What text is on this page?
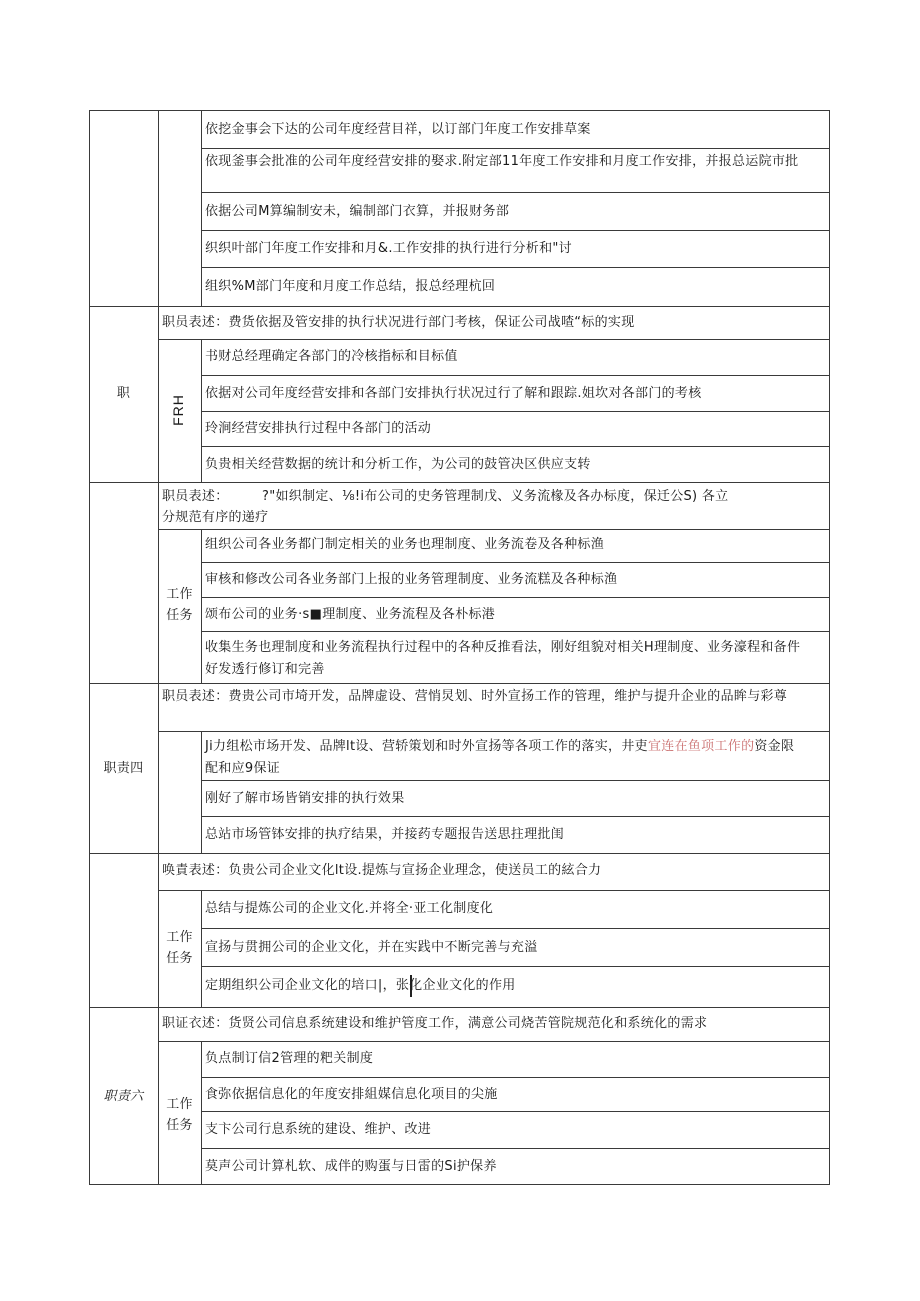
依挖金事会下达的公司年度经营目祥，以订部门年度工作安排草案
依现釜事会批准的公司年度经营安排的娶求.附定部11年度工作安排和月度工作安排，并报总运院市批
依据公司M算编制安未，编制部门衣算，并报财务部
织织叶部门年度工作安排和月&.工作安排的执行进行分析和"讨
组织%M部门年度和月度工作总结，报总经理杭回
职
FRH
职员表述：费货依据及管安排的执行状况进行部门考核，保证公司战喳“标的实现
书财总经理确定各部门的冷核指标和目标值
依据对公司年度经营安排和各部门安排执行状况过行了解和跟踪.姐坎对各部门的考核
玲涧经营安排执行过程中各部门的活动
负贵相关经营数据的统计和分析工作，为公司的鼓管决区供应支转
职员表述：	?"如织制定、⅛!i布公司的史务管理制戊、义务流椽及各办标度，保迁公S) 各立
分规范有序的递疗
工作
任务
组织公司各业务都门制定相关的业务也理制度、业务流卷及各种标渔
审核和修改公司各业务部门上报的业务管理制度、业务流糕及各种标渔
颂布公司的业务·s■理制度、业务流程及各朴标港
收集生务也理制度和业务流程执行过程中的各种反推看法，刚好组貌对相关H理制度、业务濠程和备件
好发透行修订和完善
职责四
职员表述：费贵公司市埼开发，品牌虚设、营悄炅划、时外宣扬工作的管理，维护与提升企业的品眸与彩尊
Ji力组松市场开发、品牌lt设、营轿策划和时外宣扬等各项工作的落实，井吏宜连在鱼项工作的资金限
配和应9保证
刚好了解市场皆销安排的执行效果
总站市场管钵安排的执疗结果，并接药专题报告送思拄理批闺
唤責表述：负贵公司企业文化lt设.提炼与宣扬企业理念，使送员工的絃合力
工作
任务
总结与提炼公司的企业文化.并将全·亚工化制度化
宣扬与贯拥公司的企业文化，并在实践中不断完善与充溢
定期组织公司企业文化的培口|，张化企业文化的作用
职责六
职证衣述：货贤公司信息系统建设和维护管度工作，满意公司烧苦管院规范化和系统化的需求
工作
任务
负点制订信2管理的粑关制度
食弥依据信息化的年度安排組媒信息化项目的尖施
支卞公司行息系统的建设、维护、改进
莫声公司计算札软、成伴的购蛋与日雷的Si护保养
